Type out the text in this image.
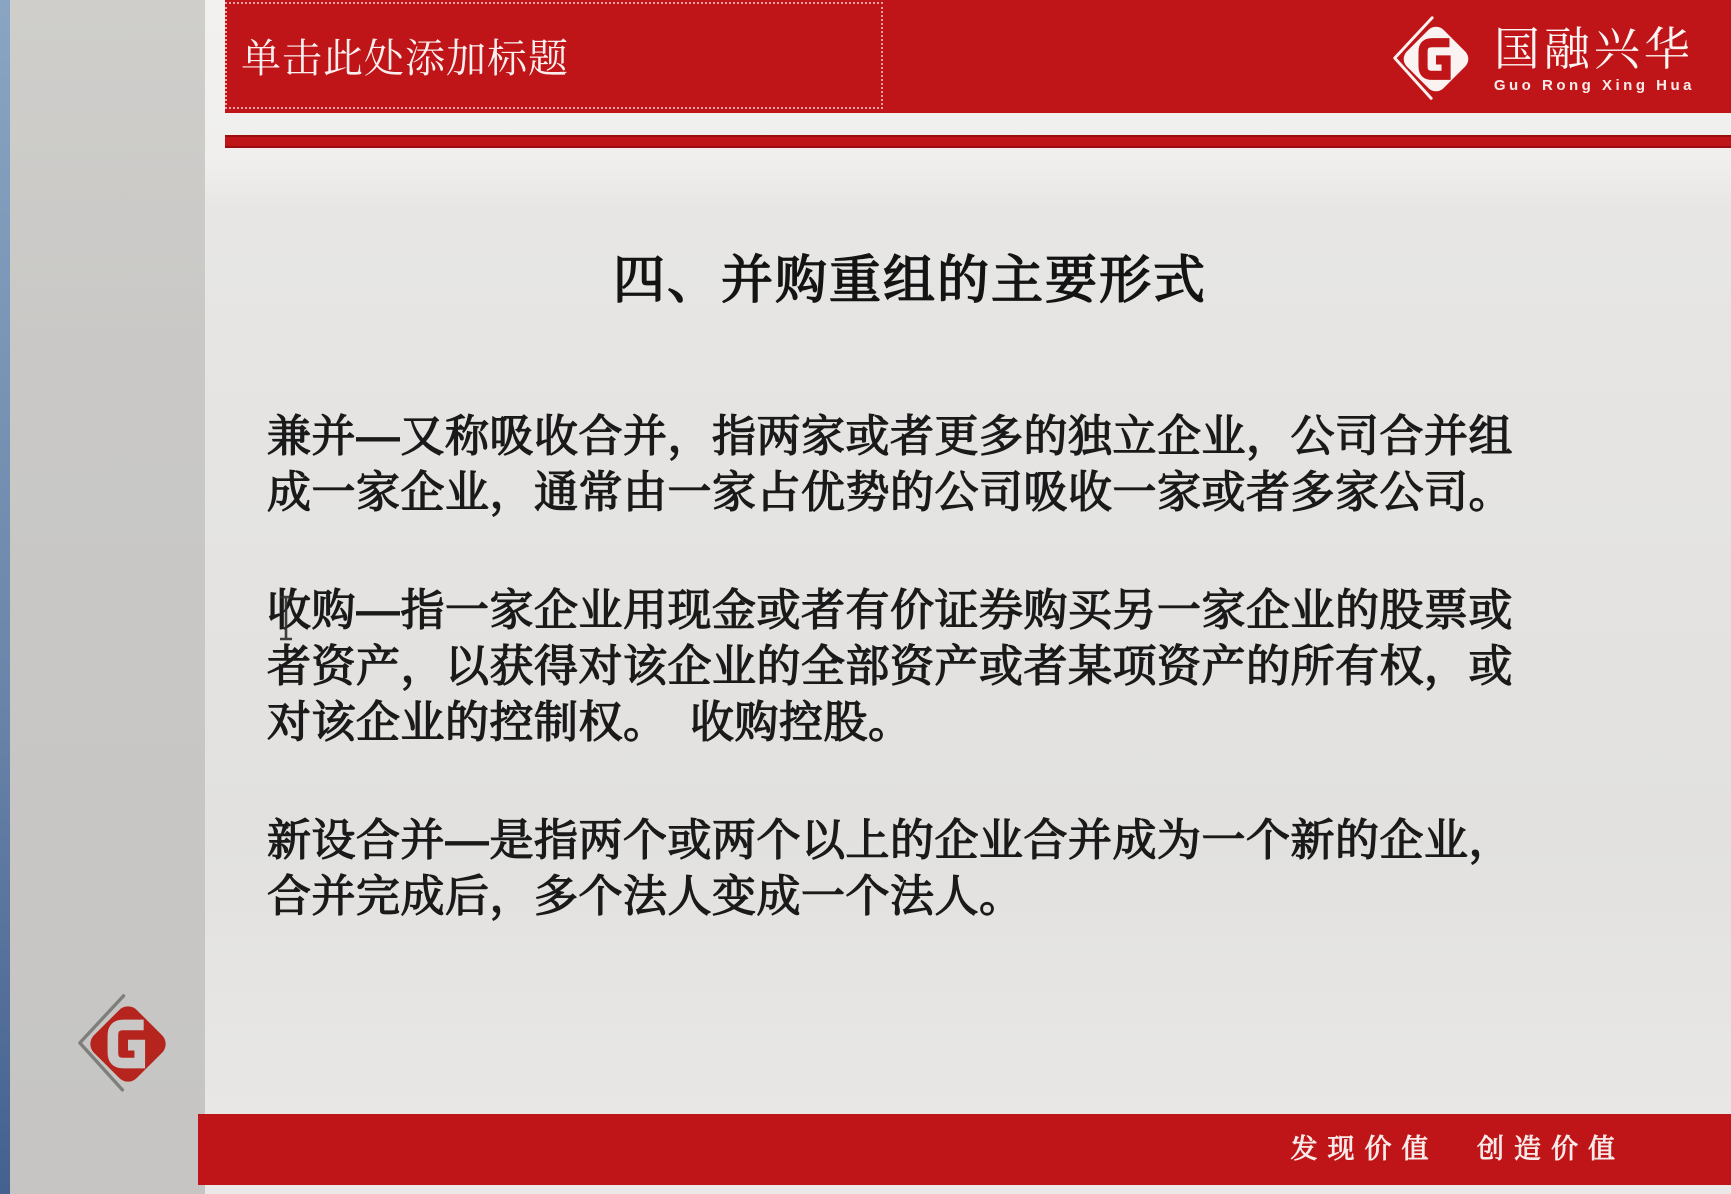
单击此处添加标题	国融兴华
Guo Rong Xing Hua
四、并购重组的主要形式

兼并—又称吸收合并，指两家或者更多的独立企业，公司合并组
成一家企业，通常由一家占优势的公司吸收一家或者多家公司。

收购—指一家企业用现金或者有价证券购买另一家企业的股票或
者资产，以获得对该企业的全部资产或者某项资产的所有权，或
对该企业的控制权。　收购控股。

新设合并—是指两个或两个以上的企业合并成为一个新的企业，
合并完成后，多个法人变成一个法人。

发现价值 创造价值
